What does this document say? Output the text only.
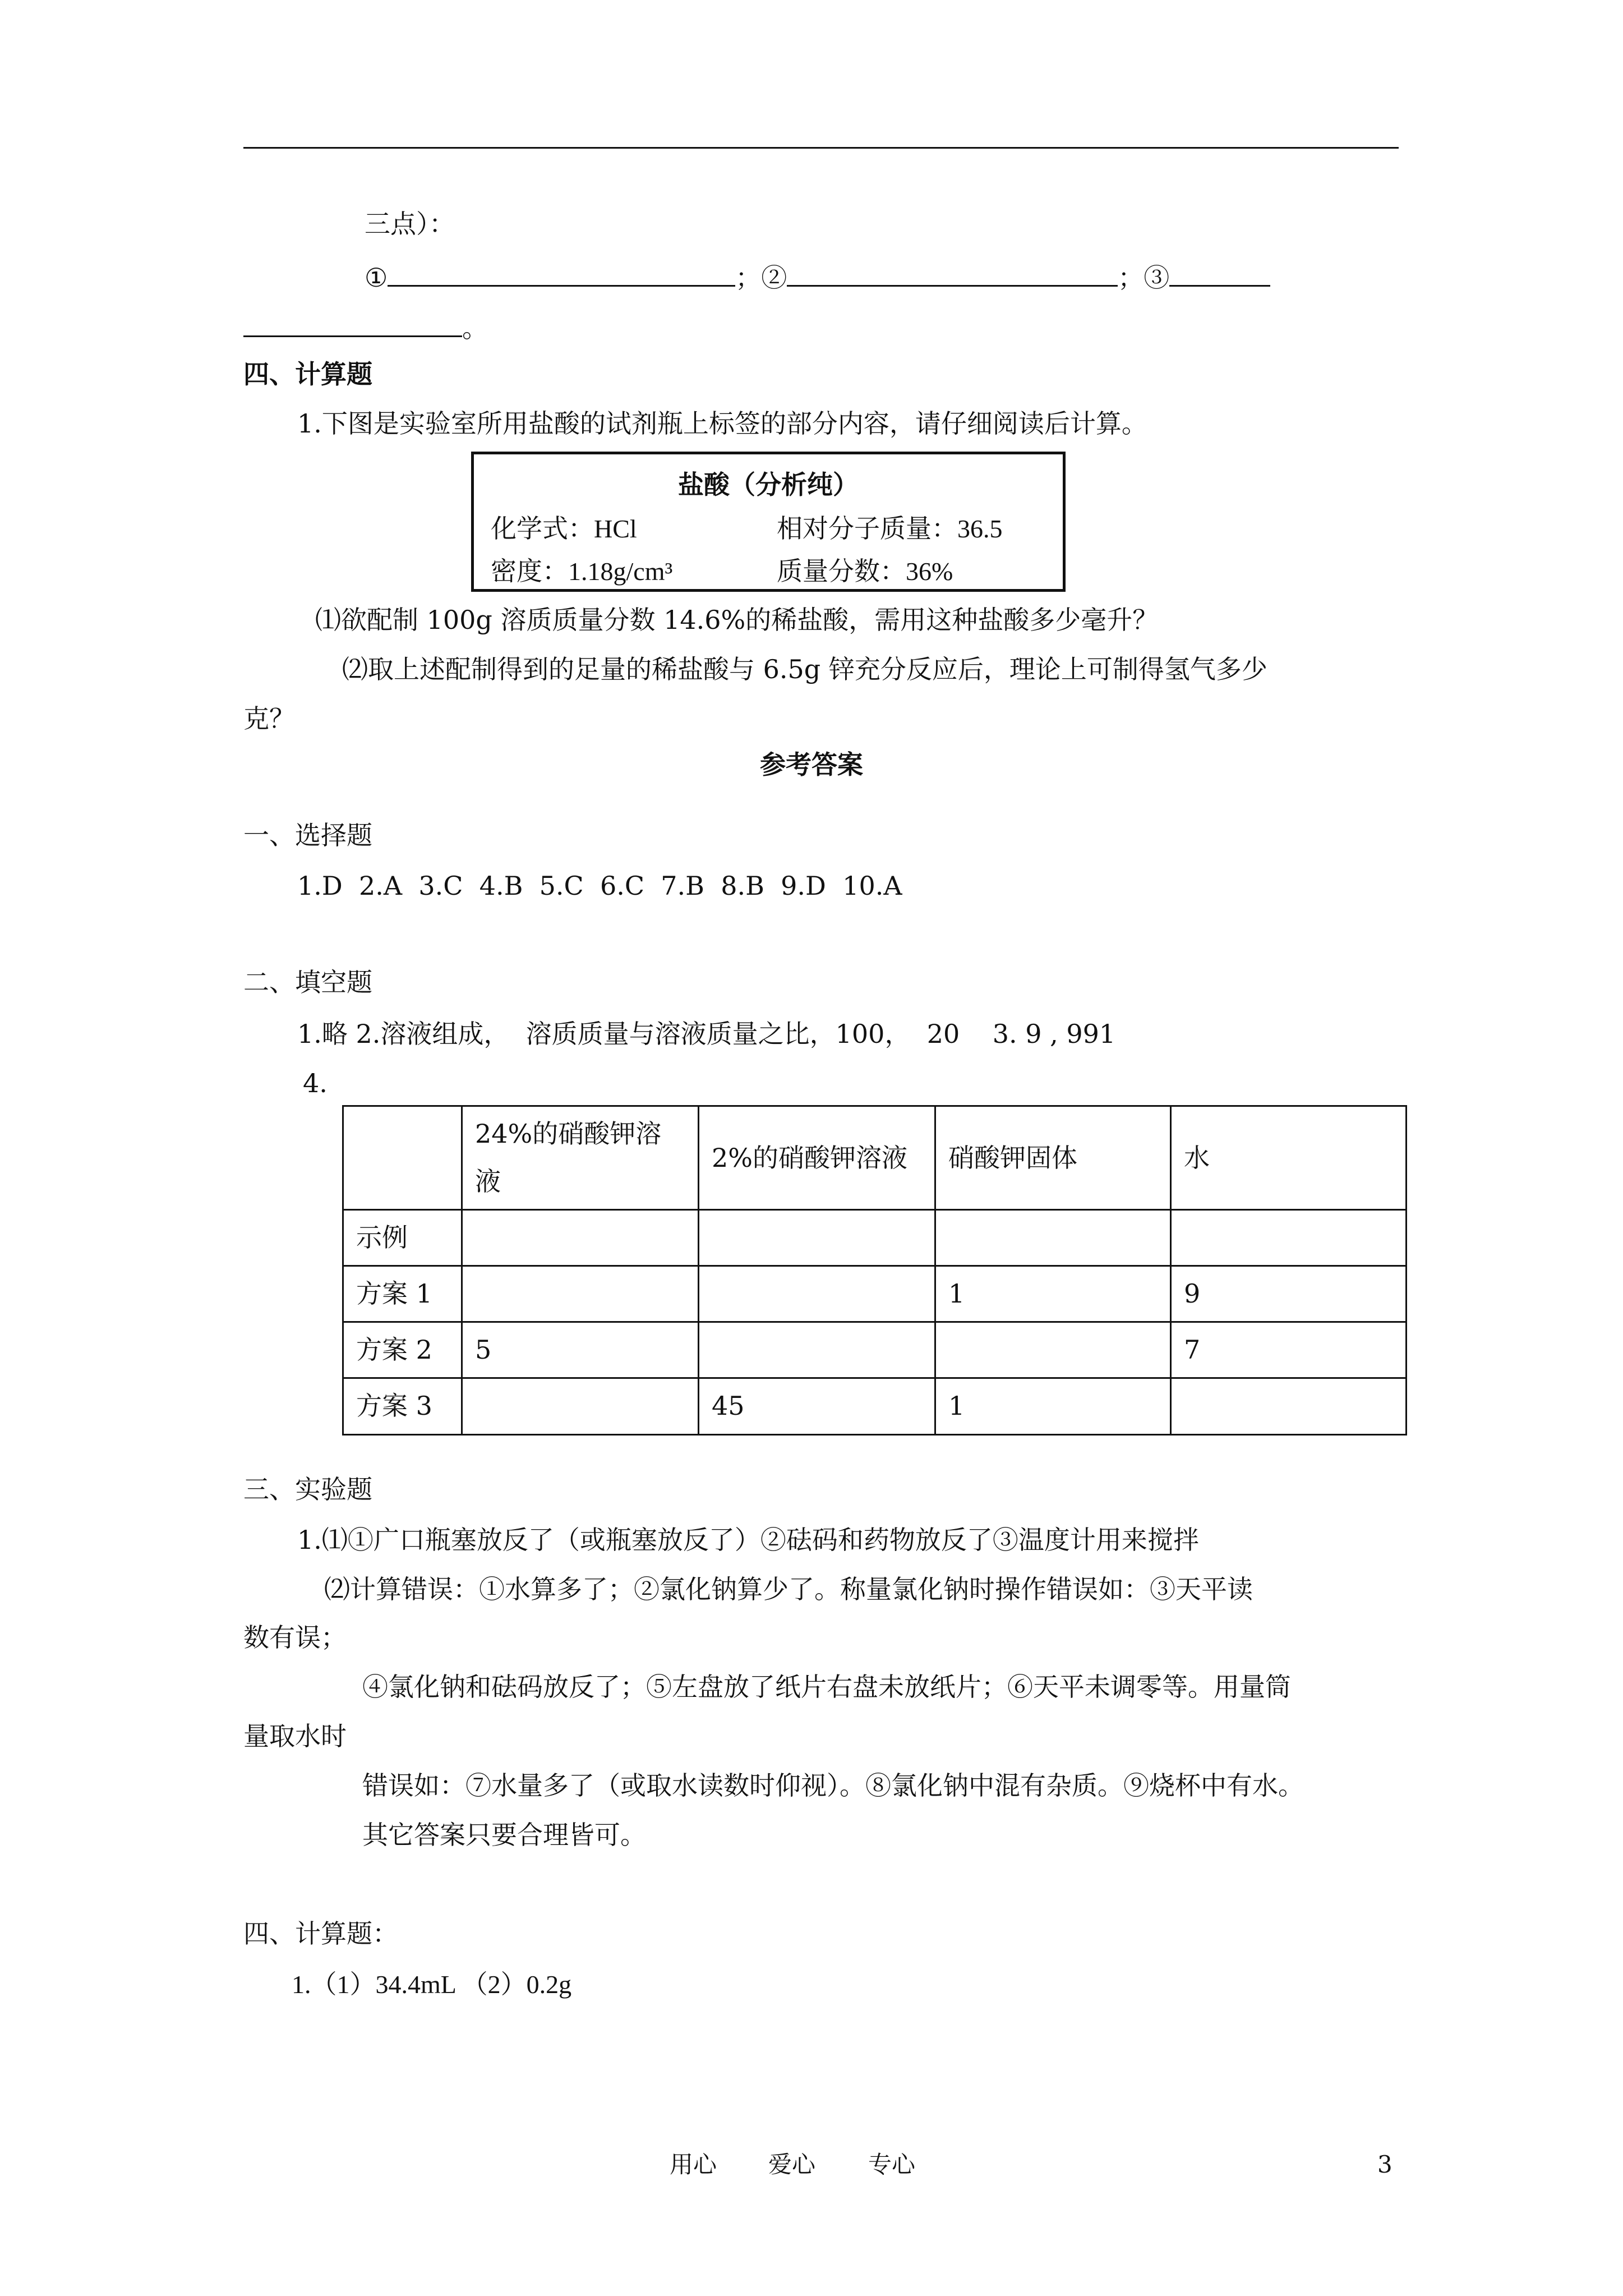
三点）：
①	；②	；③
。
四、计算题
1.下图是实验室所用盐酸的试剂瓶上标签的部分内容，请仔细阅读后计算。
盐酸（分析纯）
化学式：HCl	相对分子质量：36.5
密度：1.18g/cm³	质量分数：36%
⑴欲配制 100g 溶质质量分数 14.6%的稀盐酸，需用这种盐酸多少毫升？
⑵取上述配制得到的足量的稀盐酸与 6.5g 锌充分反应后，理论上可制得氢气多少
克？
参考答案
一、选择题
1.D  2.A  3.C  4.B  5.C  6.C  7.B  8.B  9.D  10.A
二、填空题
1.略 2.溶液组成，  溶质质量与溶液质量之比，100，  20    3. 9 , 991
4.
	24%的硝酸钾溶液	2%的硝酸钾溶液	硝酸钾固体	水
示例				
方案 1			1	9
方案 2	5			7
方案 3		45	1	
三、实验题
1.⑴①广口瓶塞放反了（或瓶塞放反了）②砝码和药物放反了③温度计用来搅拌
⑵计算错误：①水算多了；②氯化钠算少了。称量氯化钠时操作错误如：③天平读
数有误；
④氯化钠和砝码放反了；⑤左盘放了纸片右盘未放纸片；⑥天平未调零等。用量筒
量取水时
错误如：⑦水量多了（或取水读数时仰视）。⑧氯化钠中混有杂质。⑨烧杯中有水。
其它答案只要合理皆可。
四、计算题：
1.（1）34.4mL （2）0.2g
用心 爱心 专心	3
